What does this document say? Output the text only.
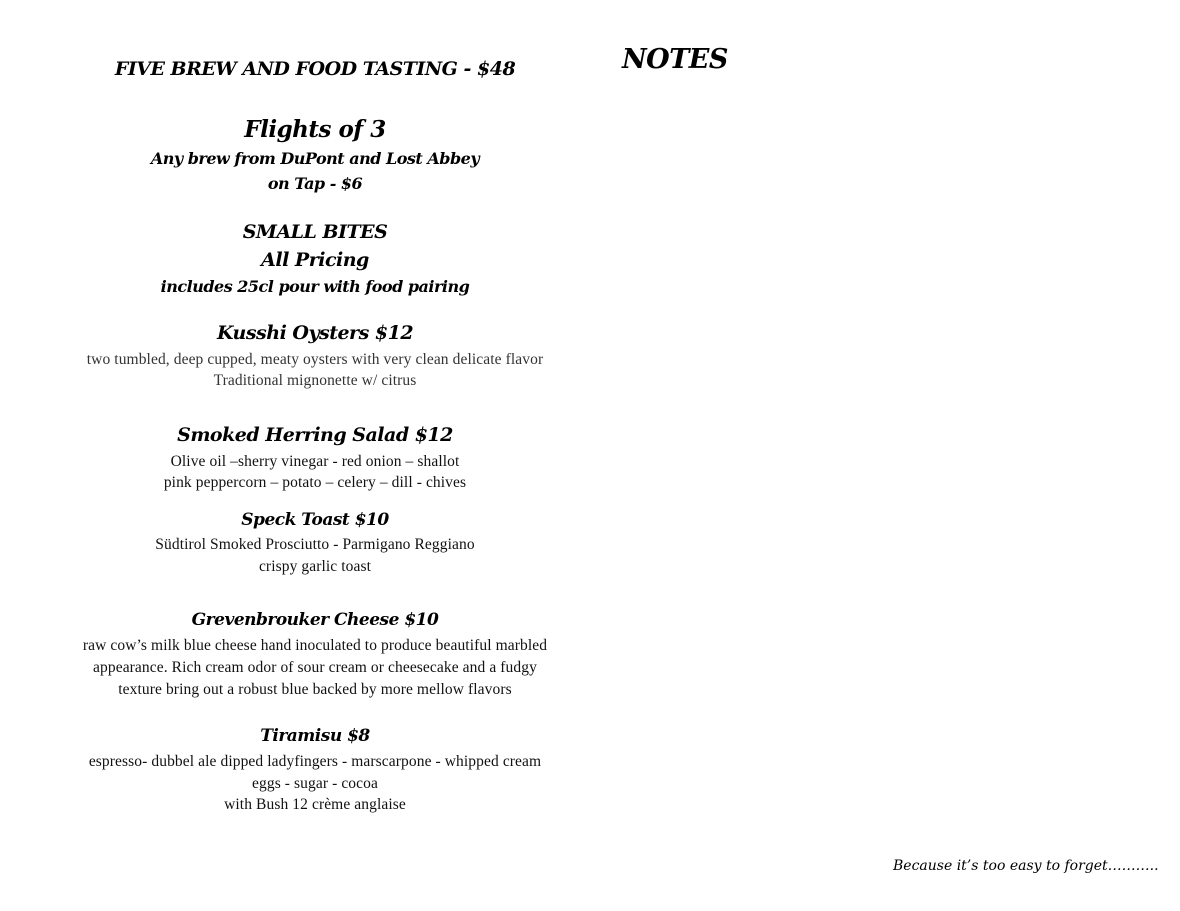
FIVE BREW AND FOOD TASTING - $48
Flights of 3
Any brew from DuPont and Lost Abbey
on Tap - $6
SMALL BITES
All Pricing
includes 25cl pour with food pairing
Kusshi Oysters $12
two tumbled, deep cupped, meaty oysters with very clean delicate flavor
Traditional mignonette w/ citrus
Smoked Herring Salad $12
Olive oil –sherry vinegar - red onion – shallot
pink peppercorn – potato – celery – dill - chives
Speck Toast $10
Südtirol Smoked Prosciutto - Parmigano Reggiano
crispy garlic toast
Grevenbrouker Cheese $10
raw cow’s milk blue cheese hand inoculated to produce beautiful marbled
appearance. Rich cream odor of sour cream or cheesecake and a fudgy
texture bring out a robust blue backed by more mellow flavors
Tiramisu $8
espresso- dubbel ale dipped ladyfingers - marscarpone - whipped cream
eggs - sugar - cocoa
with Bush 12 crème anglaise
NOTES
Because it’s too easy to forget………..
